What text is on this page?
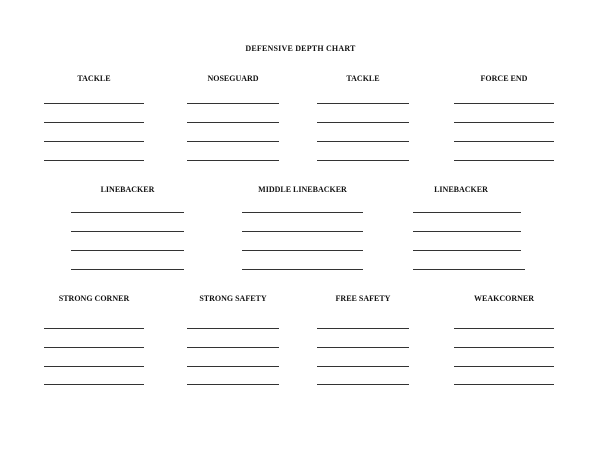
DEFENSIVE DEPTH CHART
TACKLE	NOSEGUARD	TACKLE	FORCE END
LINEBACKER	MIDDLE LINEBACKER	LINEBACKER
STRONG CORNER	STRONG SAFETY	FREE SAFETY	WEAKCORNER
